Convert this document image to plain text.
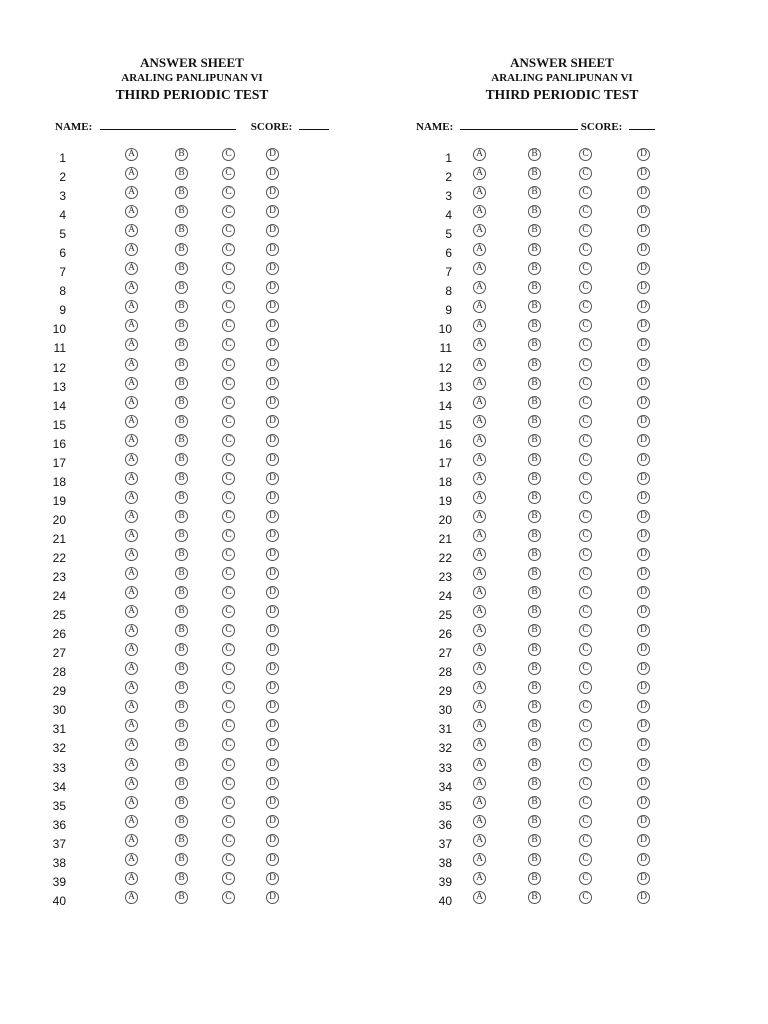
ANSWER SHEET
ARALING PANLIPUNAN VI
THIRD PERIODIC TEST
NAME:	SCORE:
1	A	B	C	D
2	A	B	C	D
3	A	B	C	D
4	A	B	C	D
5	A	B	C	D
6	A	B	C	D
7	A	B	C	D
8	A	B	C	D
9	A	B	C	D
10	A	B	C	D
11	A	B	C	D
12	A	B	C	D
13	A	B	C	D
14	A	B	C	D
15	A	B	C	D
16	A	B	C	D
17	A	B	C	D
18	A	B	C	D
19	A	B	C	D
20	A	B	C	D
21	A	B	C	D
22	A	B	C	D
23	A	B	C	D
24	A	B	C	D
25	A	B	C	D
26	A	B	C	D
27	A	B	C	D
28	A	B	C	D
29	A	B	C	D
30	A	B	C	D
31	A	B	C	D
32	A	B	C	D
33	A	B	C	D
34	A	B	C	D
35	A	B	C	D
36	A	B	C	D
37	A	B	C	D
38	A	B	C	D
39	A	B	C	D
40	A	B	C	D
ANSWER SHEET
ARALING PANLIPUNAN VI
THIRD PERIODIC TEST
NAME:	SCORE:
1	A	B	C	D
2	A	B	C	D
3	A	B	C	D
4	A	B	C	D
5	A	B	C	D
6	A	B	C	D
7	A	B	C	D
8	A	B	C	D
9	A	B	C	D
10	A	B	C	D
11	A	B	C	D
12	A	B	C	D
13	A	B	C	D
14	A	B	C	D
15	A	B	C	D
16	A	B	C	D
17	A	B	C	D
18	A	B	C	D
19	A	B	C	D
20	A	B	C	D
21	A	B	C	D
22	A	B	C	D
23	A	B	C	D
24	A	B	C	D
25	A	B	C	D
26	A	B	C	D
27	A	B	C	D
28	A	B	C	D
29	A	B	C	D
30	A	B	C	D
31	A	B	C	D
32	A	B	C	D
33	A	B	C	D
34	A	B	C	D
35	A	B	C	D
36	A	B	C	D
37	A	B	C	D
38	A	B	C	D
39	A	B	C	D
40	A	B	C	D
